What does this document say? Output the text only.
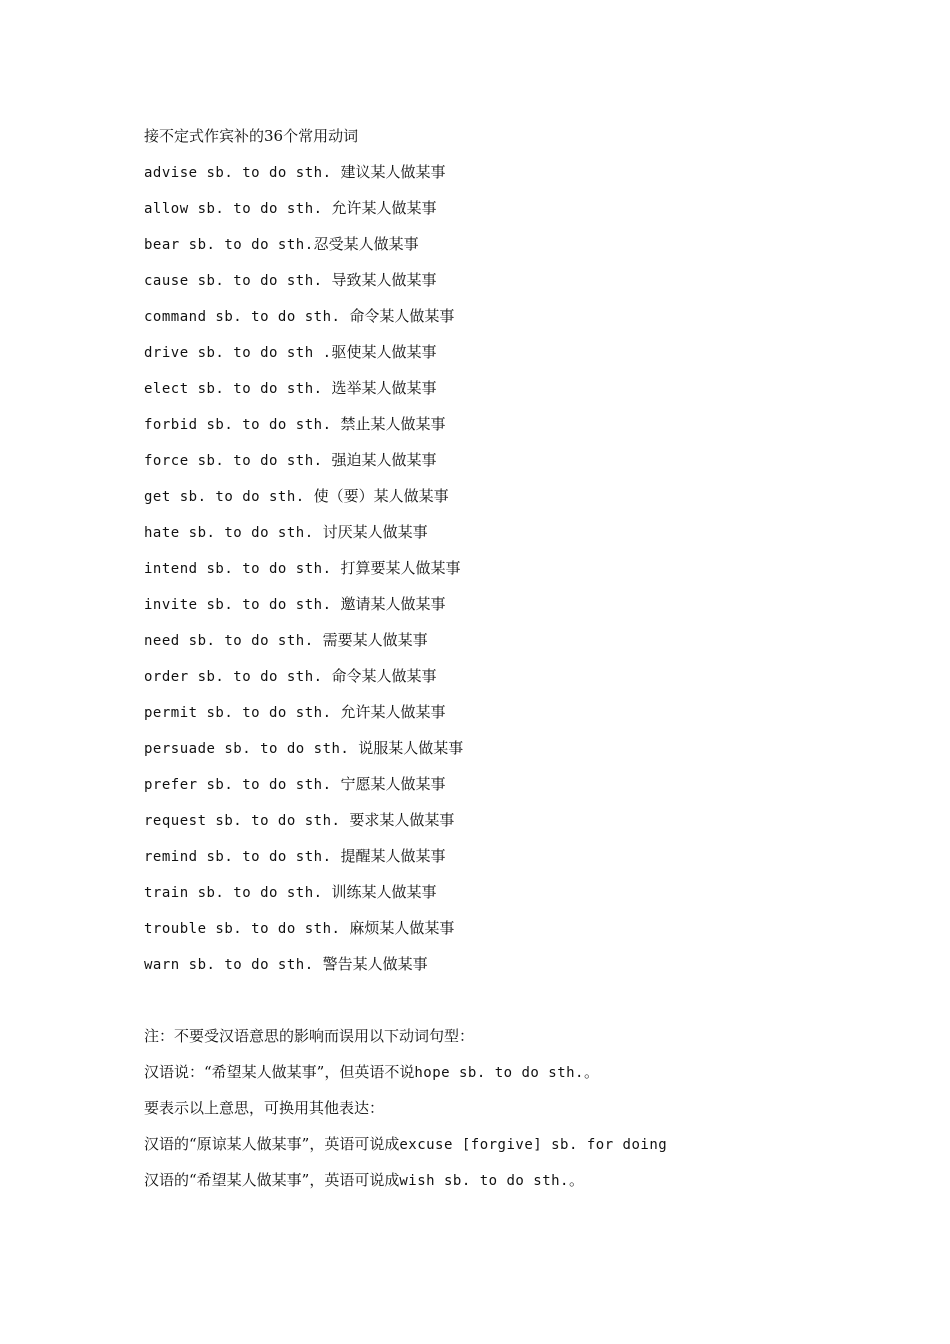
接不定式作宾补的36个常用动词
advise sb. to do sth. 建议某人做某事
allow sb. to do sth. 允许某人做某事
bear sb. to do sth. 忍受某人做某事
cause sb. to do sth. 导致某人做某事
command sb. to do sth. 命令某人做某事
drive sb. to do sth . 驱使某人做某事
elect sb. to do sth. 选举某人做某事
forbid sb. to do sth. 禁止某人做某事
force sb. to do sth. 强迫某人做某事
get sb. to do sth. 使（要）某人做某事
hate sb. to do sth. 讨厌某人做某事
intend sb. to do sth. 打算要某人做某事
invite sb. to do sth. 邀请某人做某事
need sb. to do sth. 需要某人做某事
order sb. to do sth. 命令某人做某事
permit sb. to do sth. 允许某人做某事
persuade sb. to do sth. 说服某人做某事
prefer sb. to do sth. 宁愿某人做某事
request sb. to do sth. 要求某人做某事
remind sb. to do sth. 提醒某人做某事
train sb. to do sth. 训练某人做某事
trouble sb. to do sth. 麻烦某人做某事
warn sb. to do sth. 警告某人做某事
注：不要受汉语意思的影响而误用以下动词句型：
汉语说：“希望某人做某事”，但英语不说 hope sb. to do sth. 。
要表示以上意思，可换用其他表达：
汉语的“原谅某人做某事”，英语可说成 excuse [forgive] sb. for doing
汉语的“希望某人做某事”，英语可说成 wish sb. to do sth. 。
